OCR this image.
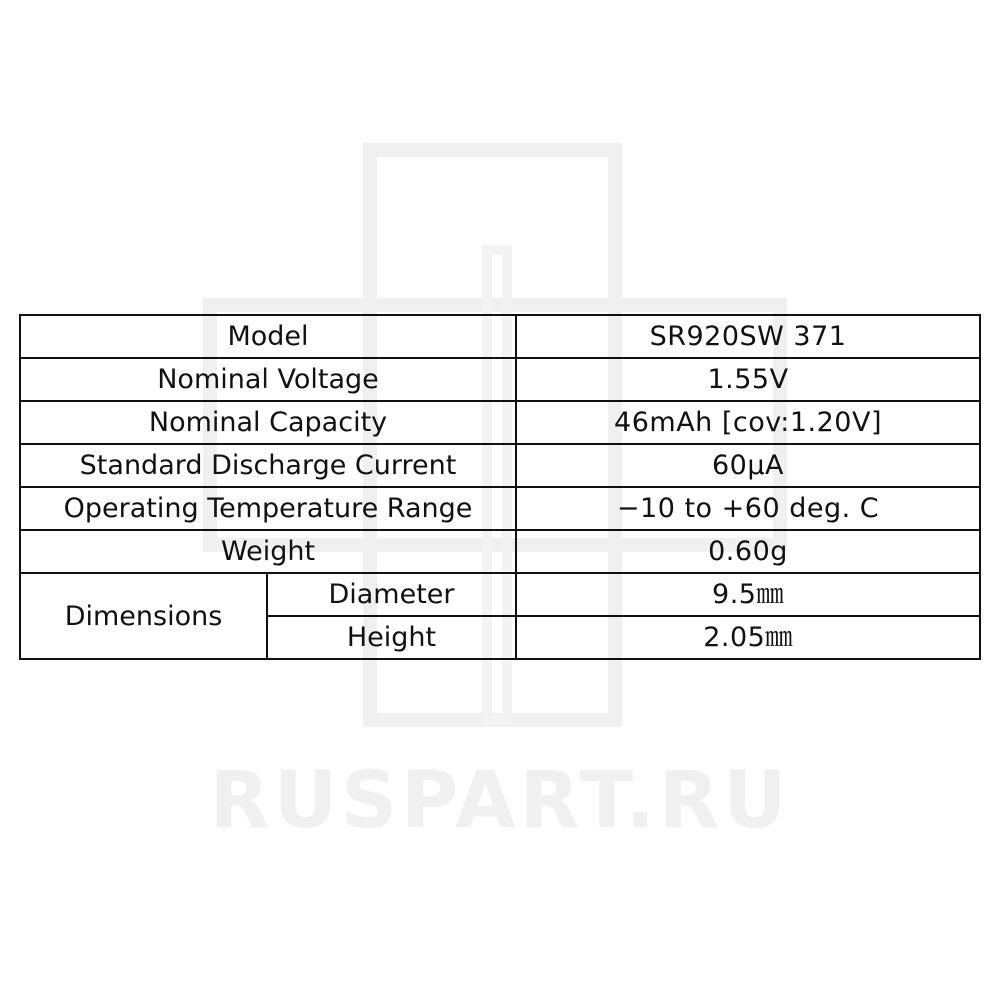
RUSPART.RU
Model		SR920SW 371
Nominal Voltage		1.55V
Nominal Capacity		46mAh [cov:1.20V]
Standard Discharge Current		60μA
Operating Temperature Range		−10 to +60 deg. C
Weight		0.60g
Dimensions	Diameter	9.5㎜
	Height	2.05㎜
